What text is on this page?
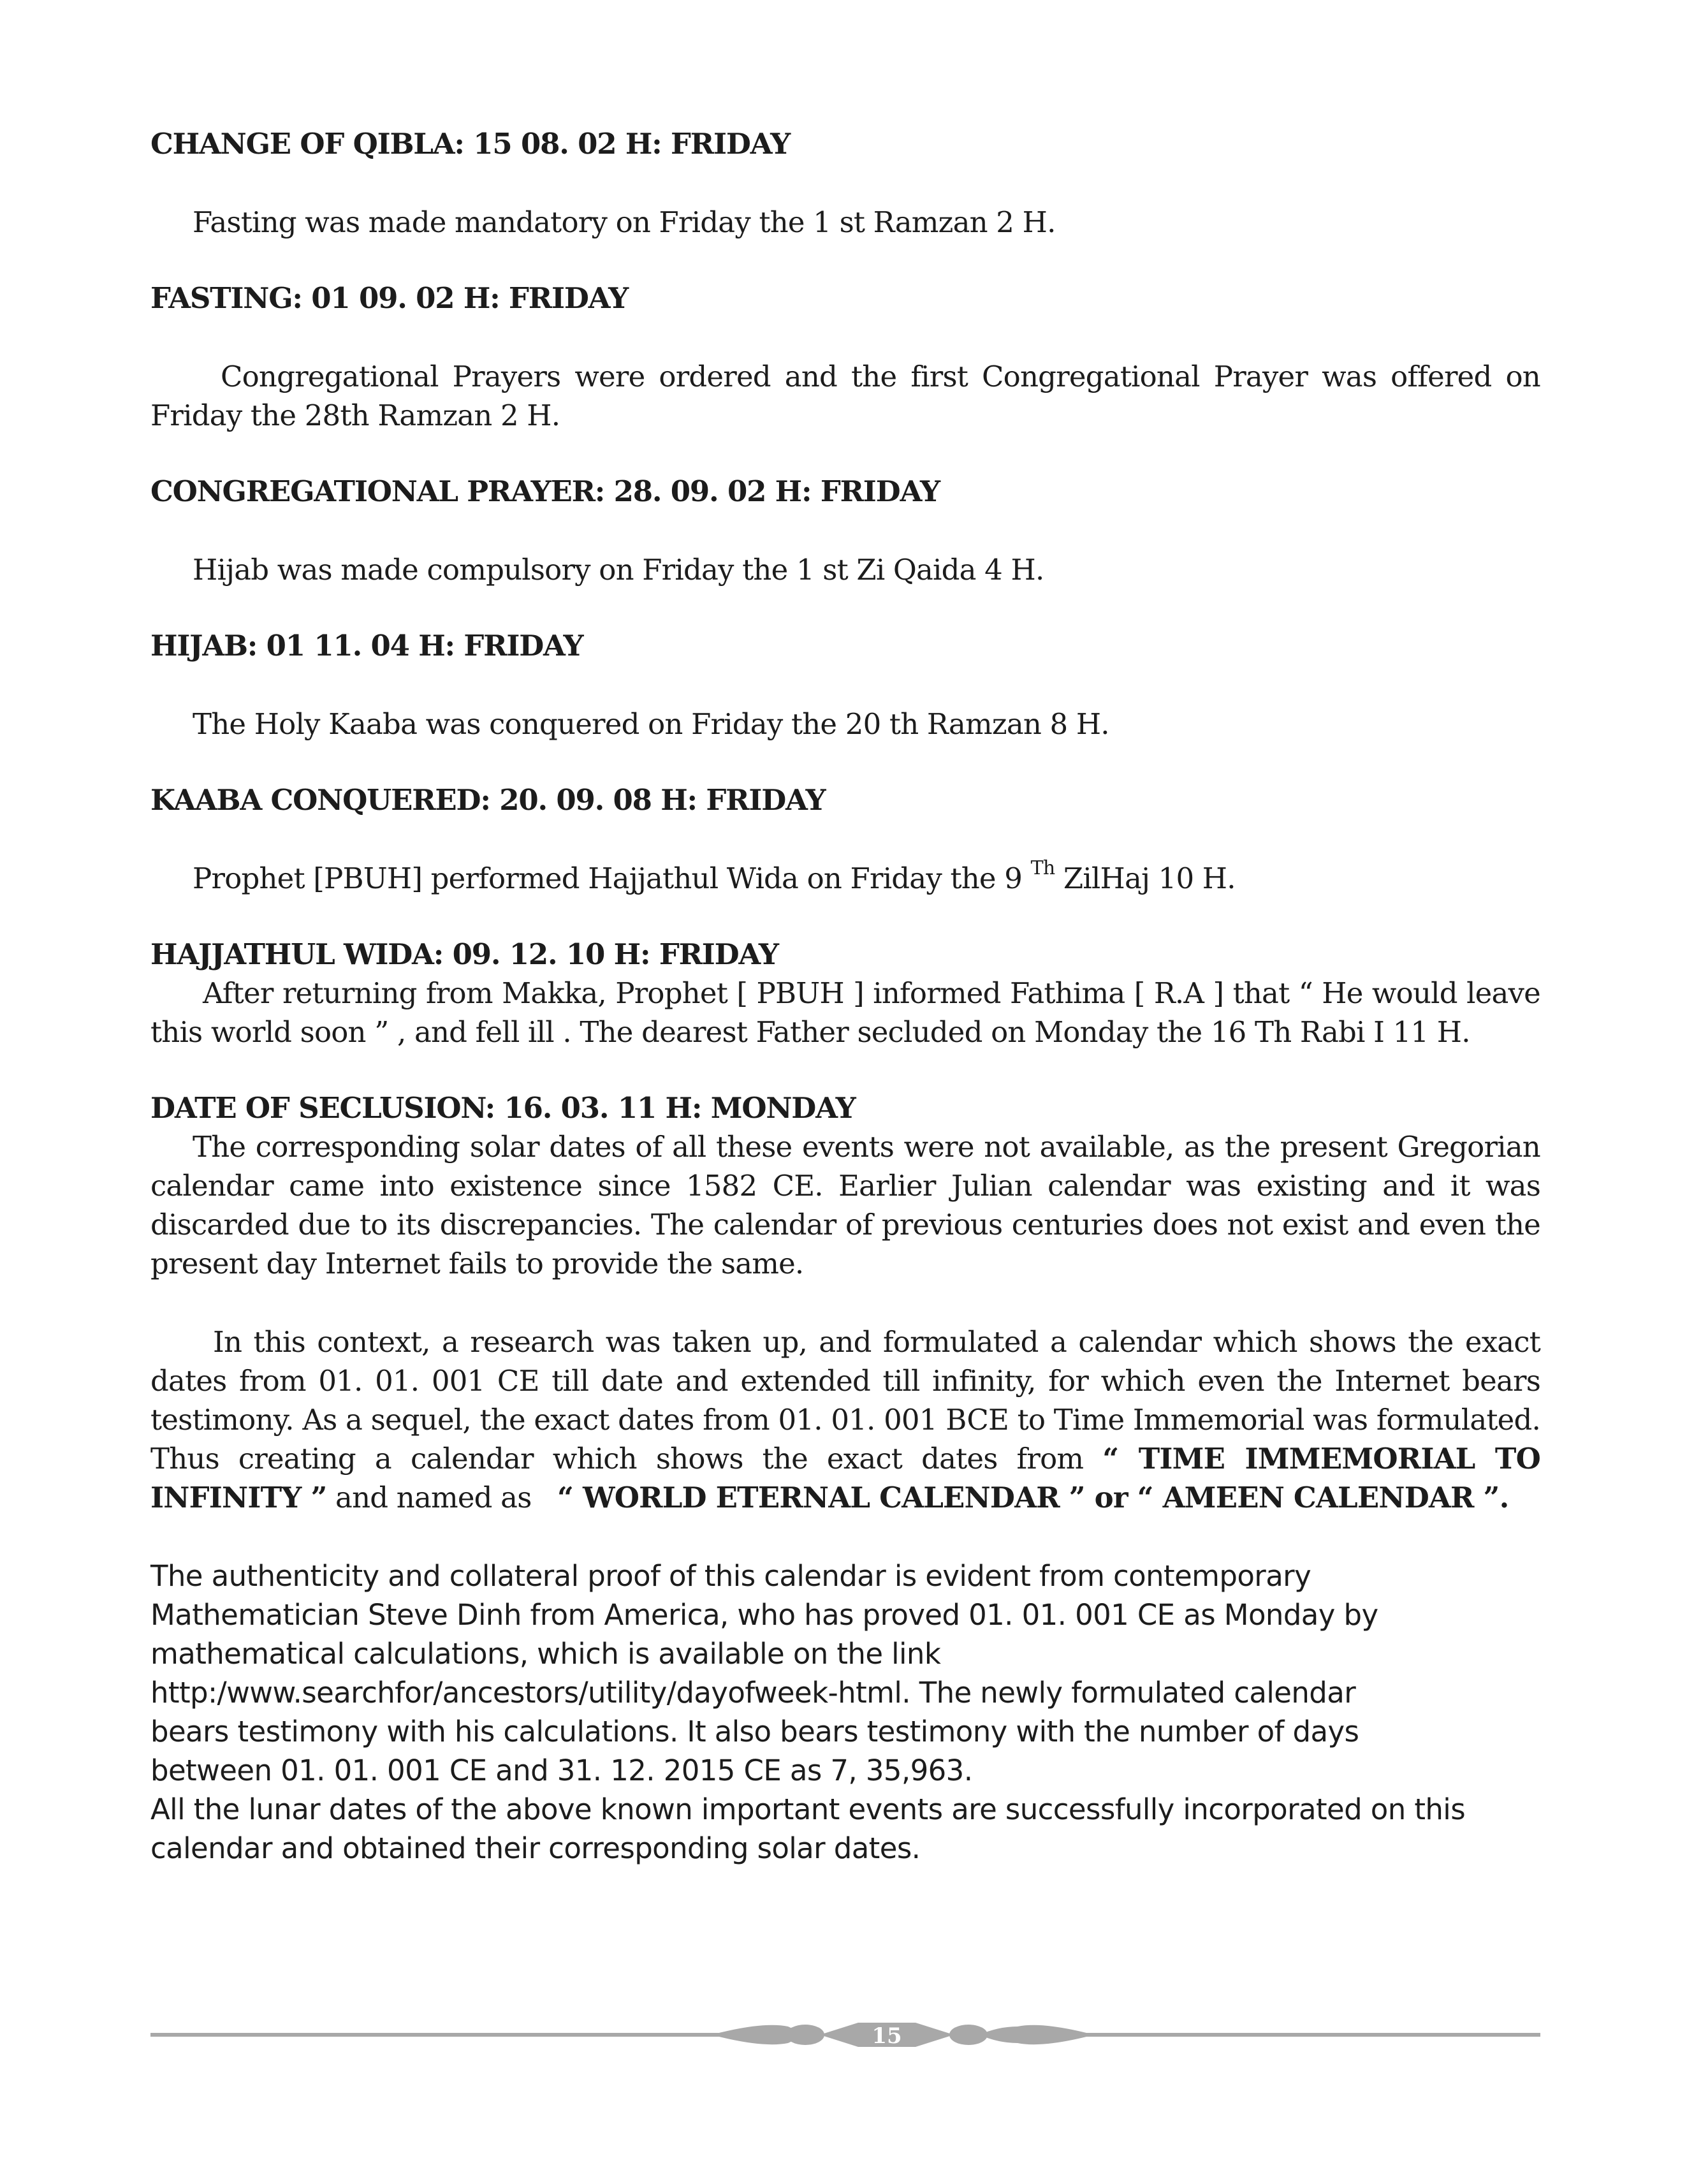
CHANGE OF QIBLA: 15 08. 02 H: FRIDAY

Fasting was made mandatory on Friday the 1 st Ramzan 2 H.

FASTING: 01 09. 02 H: FRIDAY

Congregational Prayers were ordered and the first Congregational Prayer was offered on Friday the 28th Ramzan 2 H.

CONGREGATIONAL PRAYER: 28. 09. 02 H: FRIDAY

Hijab was made compulsory on Friday the 1 st Zi Qaida 4 H.

HIJAB: 01 11. 04 H: FRIDAY

The Holy Kaaba was conquered on Friday the 20 th Ramzan 8 H.

KAABA CONQUERED: 20. 09. 08 H: FRIDAY

Prophet [PBUH] performed Hajjathul Wida on Friday the 9 $^{Th}$ ZilHaj 10 H.

HAJJATHUL WIDA: 09. 12. 10 H: FRIDAY

After returning from Makka, Prophet [ PBUH ] informed Fathima [ R.A ] that “ He would leave this world soon ” , and fell ill . The dearest Father secluded on Monday the 16 Th Rabi I 11 H.

DATE OF SECLUSION: 16. 03. 11 H: MONDAY

The corresponding solar dates of all these events were not available, as the present Gregorian calendar came into existence since 1582 CE. Earlier Julian calendar was existing and it was discarded due to its discrepancies. The calendar of previous centuries does not exist and even the present day Internet fails to provide the same.

In this context, a research was taken up, and formulated a calendar which shows the exact dates from 01. 01. 001 CE till date and extended till infinity, for which even the Internet bears testimony. As a sequel, the exact dates from 01. 01. 001 BCE to Time Immemorial was formulated. Thus creating a calendar which shows the exact dates from “ TIME IMMEMORIAL TO INFINITY ” and named as   “ WORLD ETERNAL CALENDAR ” or “ AMEEN CALENDAR ”.

The authenticity and collateral proof of this calendar is evident from contemporary

Mathematician Steve Dinh from America, who has proved 01. 01. 001 CE as Monday by

mathematical calculations, which is available on the link

http:/www.searchfor/ancestors/utility/dayofweek-html. The newly formulated calendar

bears testimony with his calculations. It also bears testimony with the number of days

between 01. 01. 001 CE and 31. 12. 2015 CE as 7, 35,963.

All the lunar dates of the above known important events are successfully incorporated on this

calendar and obtained their corresponding solar dates.

15
